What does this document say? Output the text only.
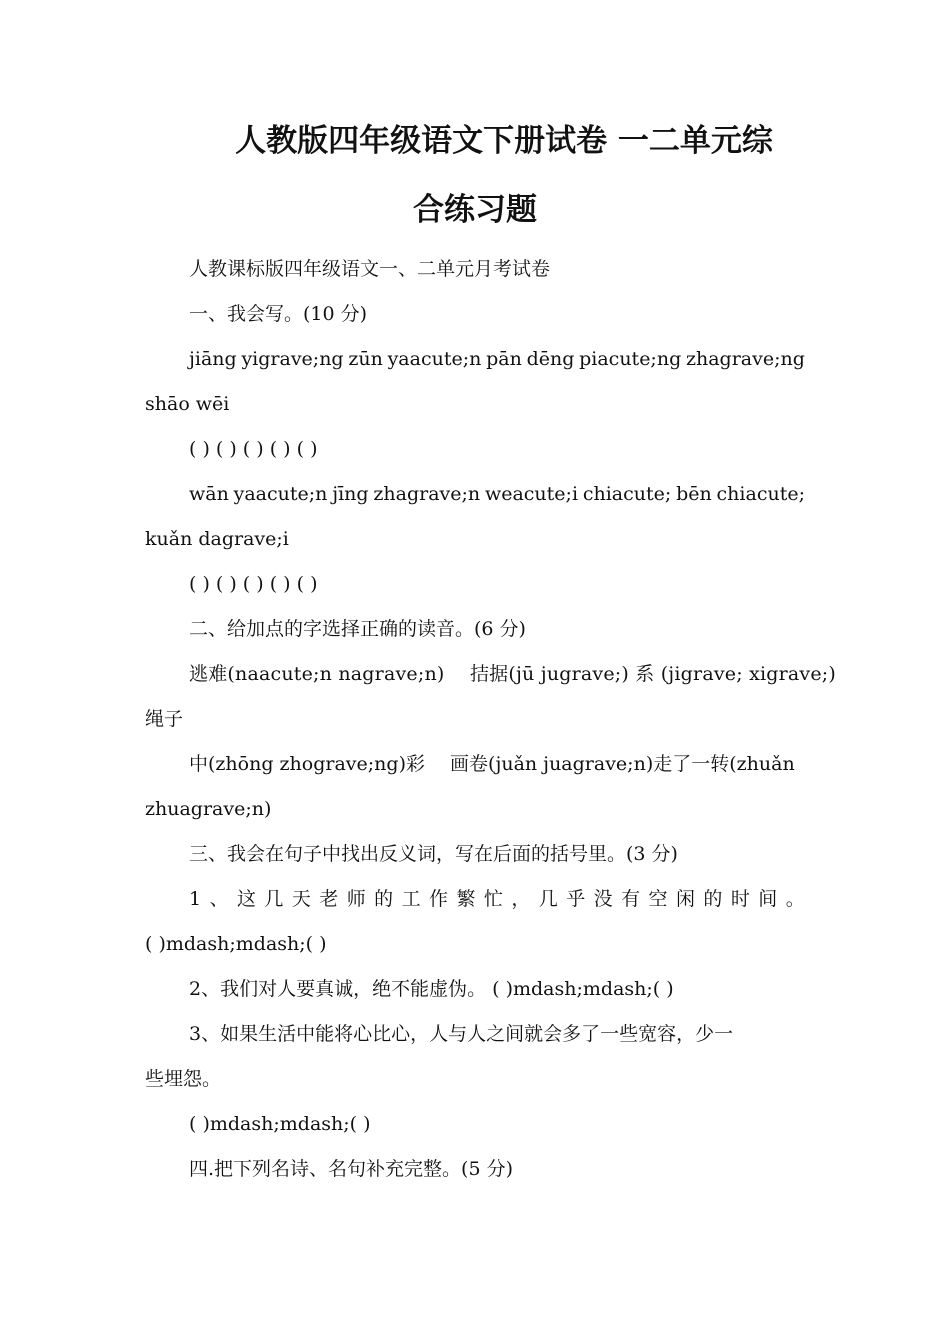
人教版四年级语文下册试卷 一二单元综
合练习题
人教课标版四年级语文一、二单元月考试卷
一、我会写。(10 分)
jiāng yigrave;ng zūn yaacute;n pān dēng piacute;ng zhagrave;ng
shāo wēi
( ) ( ) ( ) ( ) ( )
wān yaacute;n jīng zhagrave;n weacute;i chiacute; bēn chiacute;
kuǎn dagrave;i
( ) ( ) ( ) ( ) ( )
二、给加点的字选择正确的读音。(6 分)
逃难(naacute;n nagrave;n)　 拮据(jū jugrave;) 系 (jigrave; xigrave;)
绳子
中(zhōng zhograve;ng)彩　 画卷(juǎn juagrave;n)走了一转(zhuǎn
zhuagrave;n)
三、我会在句子中找出反义词，写在后面的括号里。(3 分)
1 、 这 几 天 老 师 的 工 作 繁 忙 ， 几 乎 没 有 空 闲 的 时 间 。
( )mdash;mdash;( )
2、我们对人要真诚，绝不能虚伪。 ( )mdash;mdash;( )
3、如果生活中能将心比心，人与人之间就会多了一些宽容，少一
些埋怨。
( )mdash;mdash;( )
四.把下列名诗、名句补充完整。(5 分)
